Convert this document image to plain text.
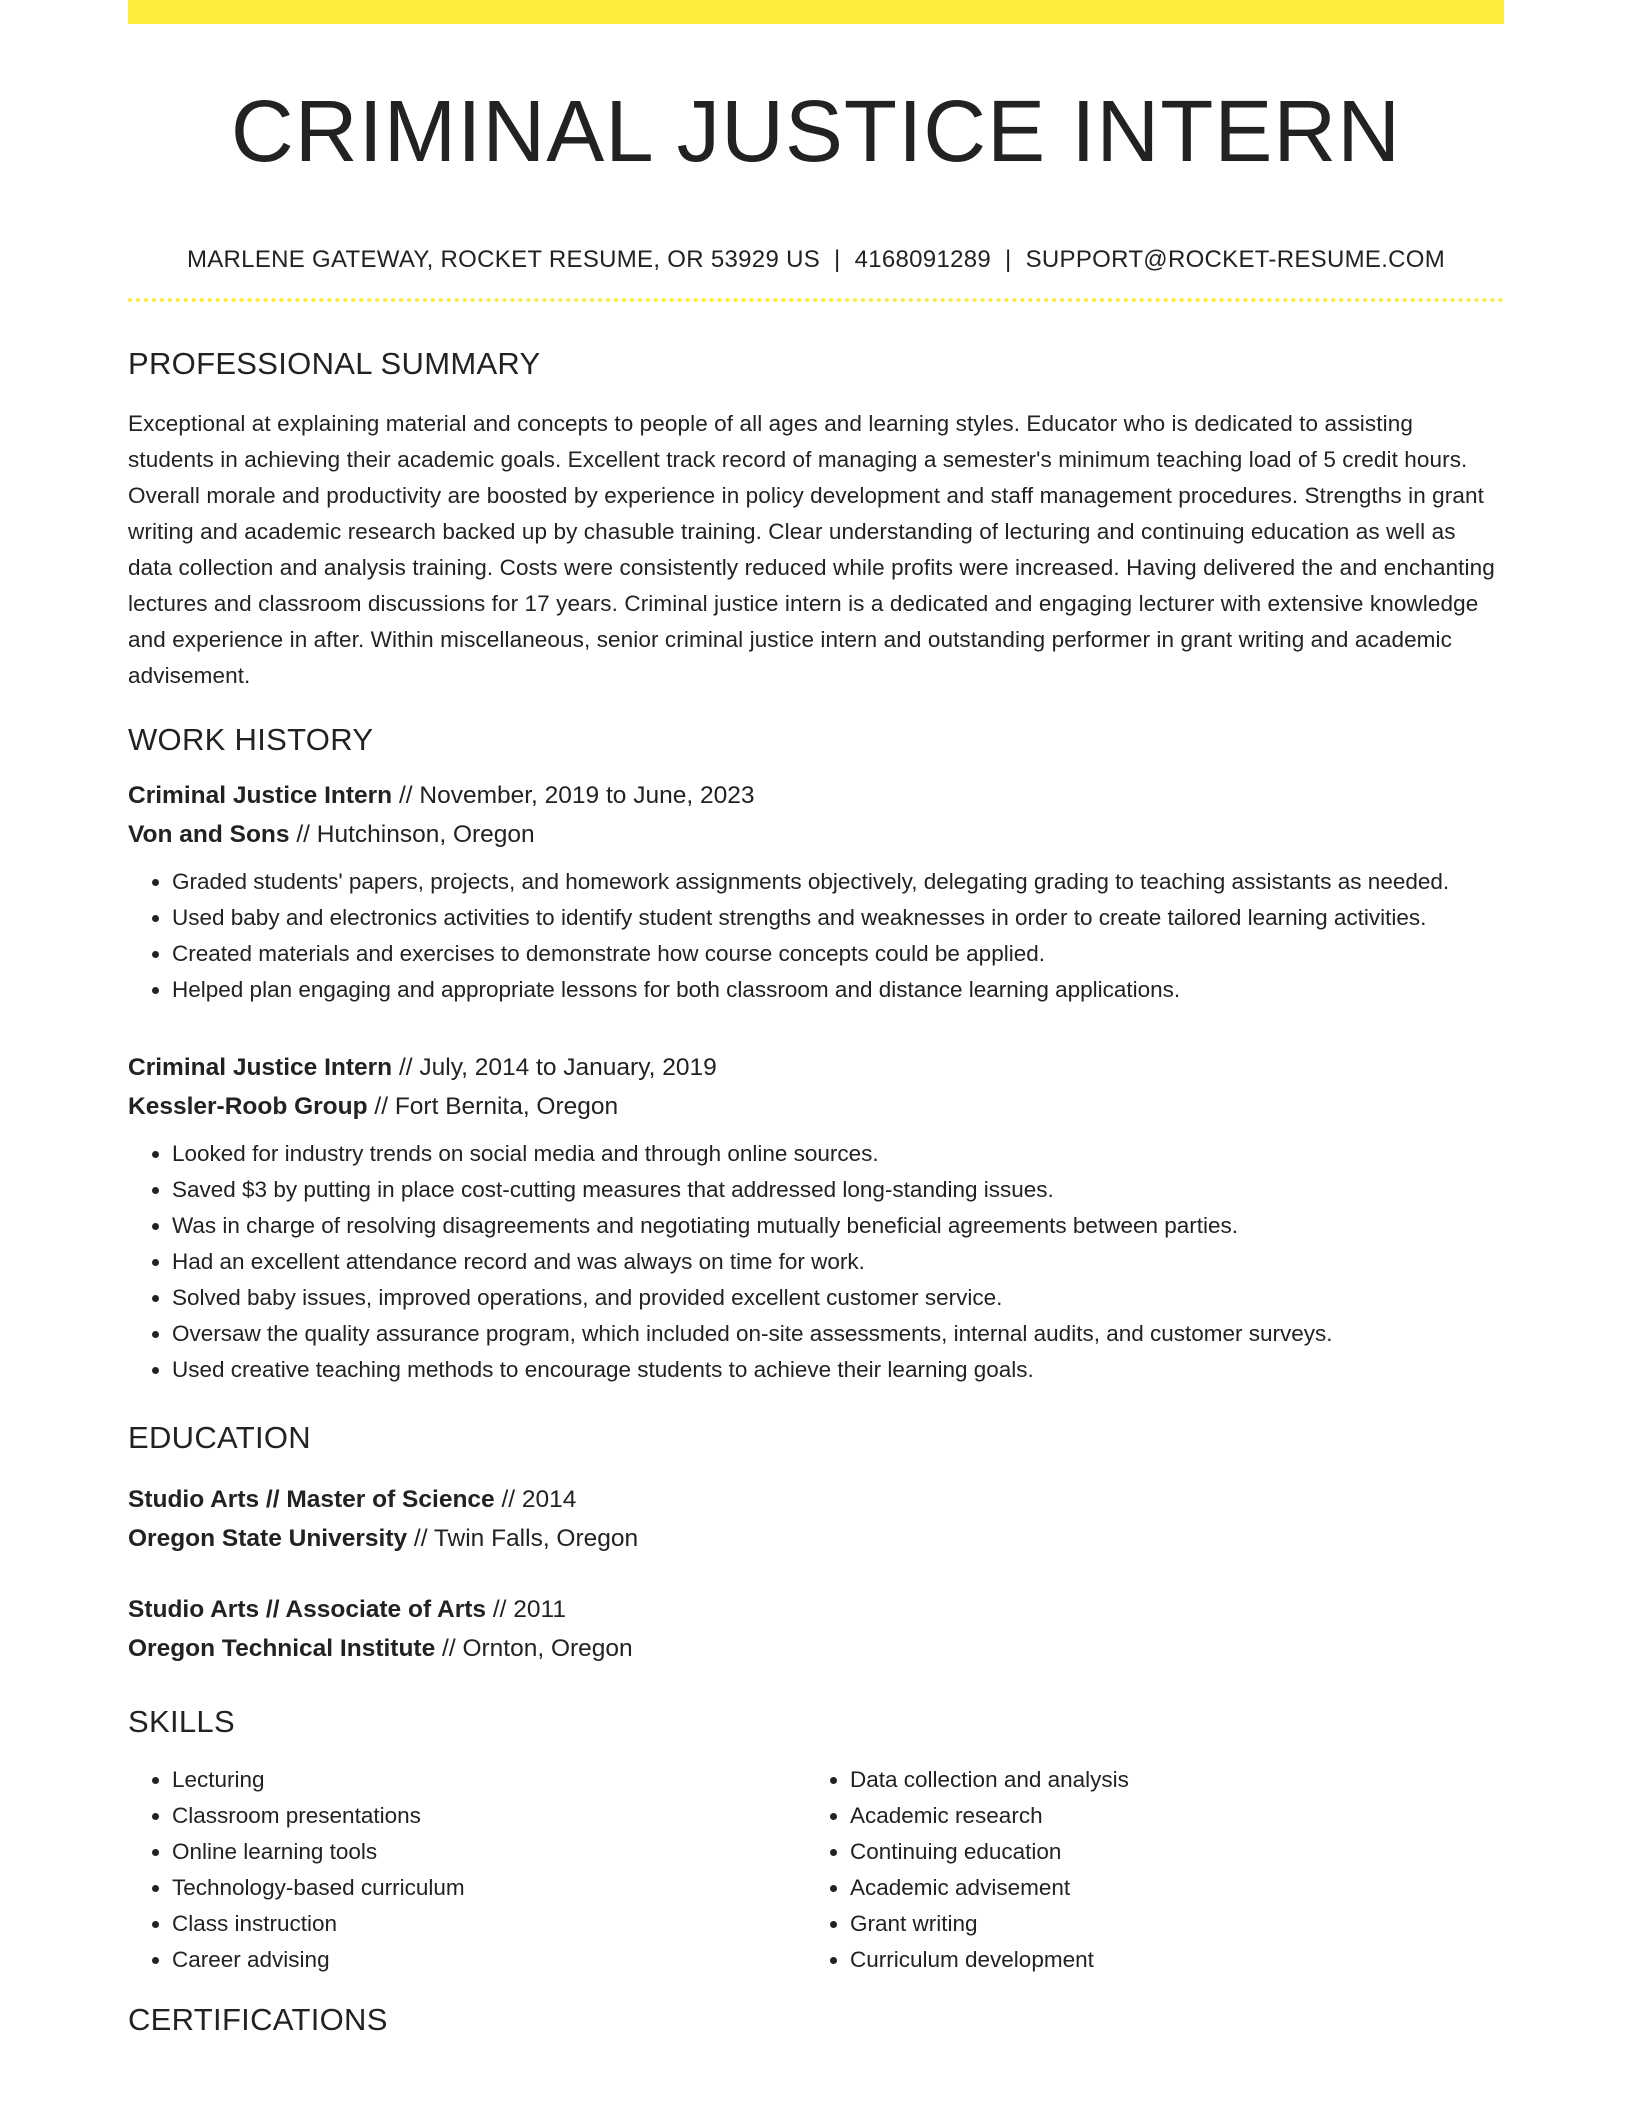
CRIMINAL JUSTICE INTERN
MARLENE GATEWAY, ROCKET RESUME, OR 53929 US | 4168091289 | SUPPORT@ROCKET-RESUME.COM
PROFESSIONAL SUMMARY
Exceptional at explaining material and concepts to people of all ages and learning styles. Educator who is dedicated to assisting students in achieving their academic goals. Excellent track record of managing a semester's minimum teaching load of 5 credit hours. Overall morale and productivity are boosted by experience in policy development and staff management procedures. Strengths in grant writing and academic research backed up by chasuble training. Clear understanding of lecturing and continuing education as well as data collection and analysis training. Costs were consistently reduced while profits were increased. Having delivered the and enchanting lectures and classroom discussions for 17 years. Criminal justice intern is a dedicated and engaging lecturer with extensive knowledge and experience in after. Within miscellaneous, senior criminal justice intern and outstanding performer in grant writing and academic advisement.
WORK HISTORY
Criminal Justice Intern // November, 2019 to June, 2023
Von and Sons // Hutchinson, Oregon
• Graded students' papers, projects, and homework assignments objectively, delegating grading to teaching assistants as needed.
• Used baby and electronics activities to identify student strengths and weaknesses in order to create tailored learning activities.
• Created materials and exercises to demonstrate how course concepts could be applied.
• Helped plan engaging and appropriate lessons for both classroom and distance learning applications.
Criminal Justice Intern // July, 2014 to January, 2019
Kessler-Roob Group // Fort Bernita, Oregon
• Looked for industry trends on social media and through online sources.
• Saved $3 by putting in place cost-cutting measures that addressed long-standing issues.
• Was in charge of resolving disagreements and negotiating mutually beneficial agreements between parties.
• Had an excellent attendance record and was always on time for work.
• Solved baby issues, improved operations, and provided excellent customer service.
• Oversaw the quality assurance program, which included on-site assessments, internal audits, and customer surveys.
• Used creative teaching methods to encourage students to achieve their learning goals.
EDUCATION
Studio Arts // Master of Science // 2014
Oregon State University // Twin Falls, Oregon
Studio Arts // Associate of Arts // 2011
Oregon Technical Institute // Ornton, Oregon
SKILLS
• Lecturing
• Classroom presentations
• Online learning tools
• Technology-based curriculum
• Class instruction
• Career advising
• Data collection and analysis
• Academic research
• Continuing education
• Academic advisement
• Grant writing
• Curriculum development
CERTIFICATIONS
